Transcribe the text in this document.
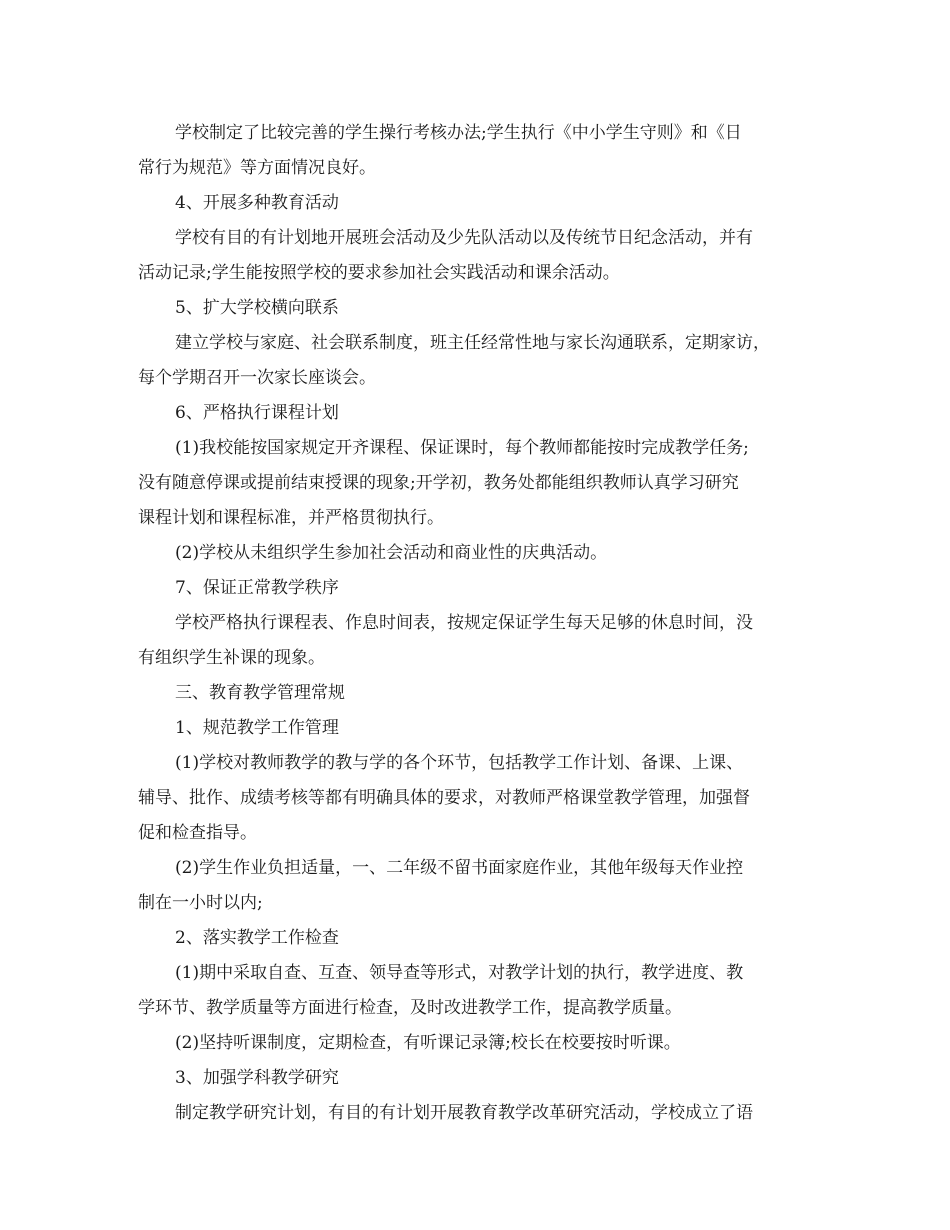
学校制定了比较完善的学生操行考核办法;学生执行《中小学生守则》和《日
常行为规范》等方面情况良好。
4、开展多种教育活动
学校有目的有计划地开展班会活动及少先队活动以及传统节日纪念活动，并有
活动记录;学生能按照学校的要求参加社会实践活动和课余活动。
5、扩大学校横向联系
建立学校与家庭、社会联系制度，班主任经常性地与家长沟通联系，定期家访，
每个学期召开一次家长座谈会。
6、严格执行课程计划
(1)我校能按国家规定开齐课程、保证课时，每个教师都能按时完成教学任务;
没有随意停课或提前结束授课的现象;开学初，教务处都能组织教师认真学习研究
课程计划和课程标准，并严格贯彻执行。
(2)学校从未组织学生参加社会活动和商业性的庆典活动。
7、保证正常教学秩序
学校严格执行课程表、作息时间表，按规定保证学生每天足够的休息时间，没
有组织学生补课的现象。
三、教育教学管理常规
1、规范教学工作管理
(1)学校对教师教学的教与学的各个环节，包括教学工作计划、备课、上课、
辅导、批作、成绩考核等都有明确具体的要求，对教师严格课堂教学管理，加强督
促和检查指导。
(2)学生作业负担适量，一、二年级不留书面家庭作业，其他年级每天作业控
制在一小时以内;
2、落实教学工作检查
(1)期中采取自查、互查、领导查等形式，对教学计划的执行，教学进度、教
学环节、教学质量等方面进行检查，及时改进教学工作，提高教学质量。
(2)坚持听课制度，定期检查，有听课记录簿;校长在校要按时听课。
3、加强学科教学研究
制定教学研究计划，有目的有计划开展教育教学改革研究活动，学校成立了语
